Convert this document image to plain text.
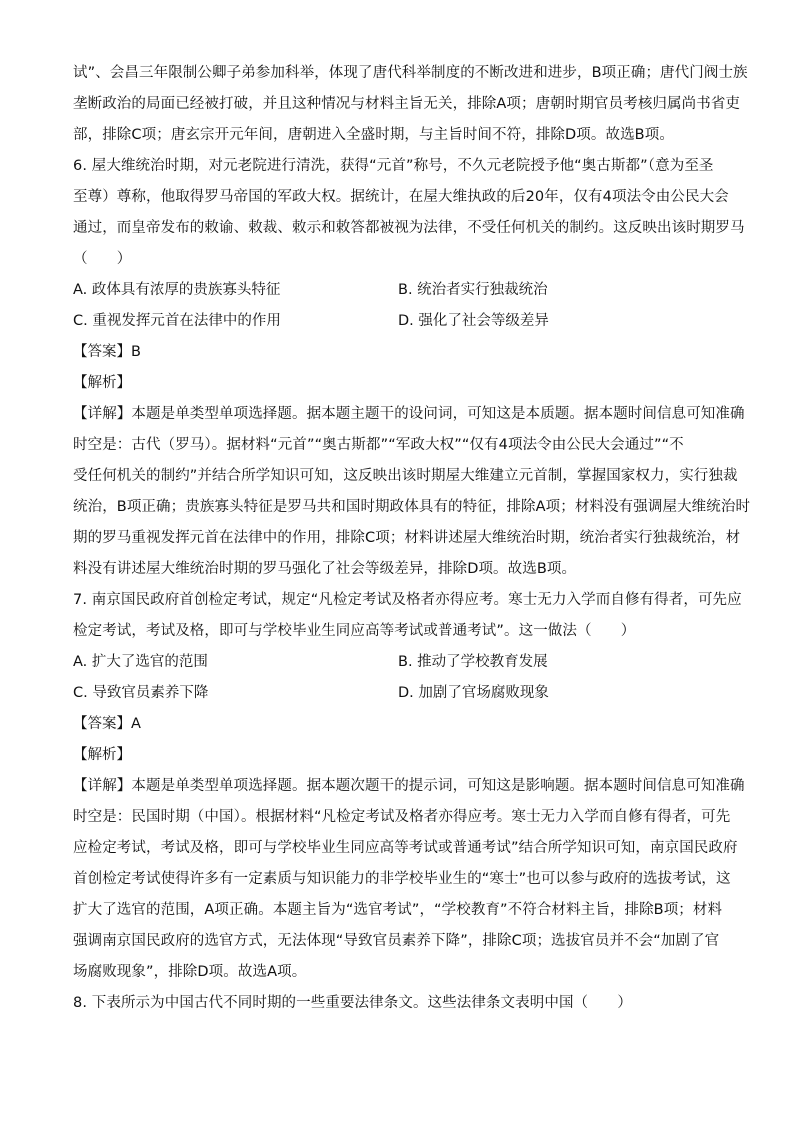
试”、会昌三年限制公卿子弟参加科举，体现了唐代科举制度的不断改进和进步，B项正确；唐代门阀士族
垄断政治的局面已经被打破，并且这种情况与材料主旨无关，排除A项；唐朝时期官员考核归属尚书省吏
部，排除C项；唐玄宗开元年间，唐朝进入全盛时期，与主旨时间不符，排除D项。故选B项。
6. 屋大维统治时期，对元老院进行清洗，获得“元首”称号，不久元老院授予他“奥古斯都”（意为至圣
至尊）尊称，他取得罗马帝国的军政大权。据统计，在屋大维执政的后20年，仅有4项法令由公民大会
通过，而皇帝发布的敕谕、敕裁、敕示和敕答都被视为法律，不受任何机关的制约。这反映出该时期罗马
（　　）
A. 政体具有浓厚的贵族寡头特征	B. 统治者实行独裁统治
C. 重视发挥元首在法律中的作用	D. 强化了社会等级差异
【答案】B
【解析】
【详解】本题是单类型单项选择题。据本题主题干的设问词，可知这是本质题。据本题时间信息可知准确
时空是：古代（罗马）。据材料“元首”“奥古斯都”“军政大权”“仅有4项法令由公民大会通过”“不
受任何机关的制约”并结合所学知识可知，这反映出该时期屋大维建立元首制，掌握国家权力，实行独裁
统治，B项正确；贵族寡头特征是罗马共和国时期政体具有的特征，排除A项；材料没有强调屋大维统治时
期的罗马重视发挥元首在法律中的作用，排除C项；材料讲述屋大维统治时期，统治者实行独裁统治，材
料没有讲述屋大维统治时期的罗马强化了社会等级差异，排除D项。故选B项。
7. 南京国民政府首创检定考试，规定“凡检定考试及格者亦得应考。寒士无力入学而自修有得者，可先应
检定考试，考试及格，即可与学校毕业生同应高等考试或普通考试”。这一做法（　　）
A. 扩大了选官的范围	B. 推动了学校教育发展
C. 导致官员素养下降	D. 加剧了官场腐败现象
【答案】A
【解析】
【详解】本题是单类型单项选择题。据本题次题干的提示词，可知这是影响题。据本题时间信息可知准确
时空是：民国时期（中国）。根据材料“凡检定考试及格者亦得应考。寒士无力入学而自修有得者，可先
应检定考试，考试及格，即可与学校毕业生同应高等考试或普通考试”结合所学知识可知，南京国民政府
首创检定考试使得许多有一定素质与知识能力的非学校毕业生的“寒士”也可以参与政府的选拔考试，这
扩大了选官的范围，A项正确。本题主旨为“选官考试”，“学校教育”不符合材料主旨，排除B项；材料
强调南京国民政府的选官方式，无法体现“导致官员素养下降”，排除C项；选拔官员并不会“加剧了官
场腐败现象”，排除D项。故选A项。
8. 下表所示为中国古代不同时期的一些重要法律条文。这些法律条文表明中国（　　）
